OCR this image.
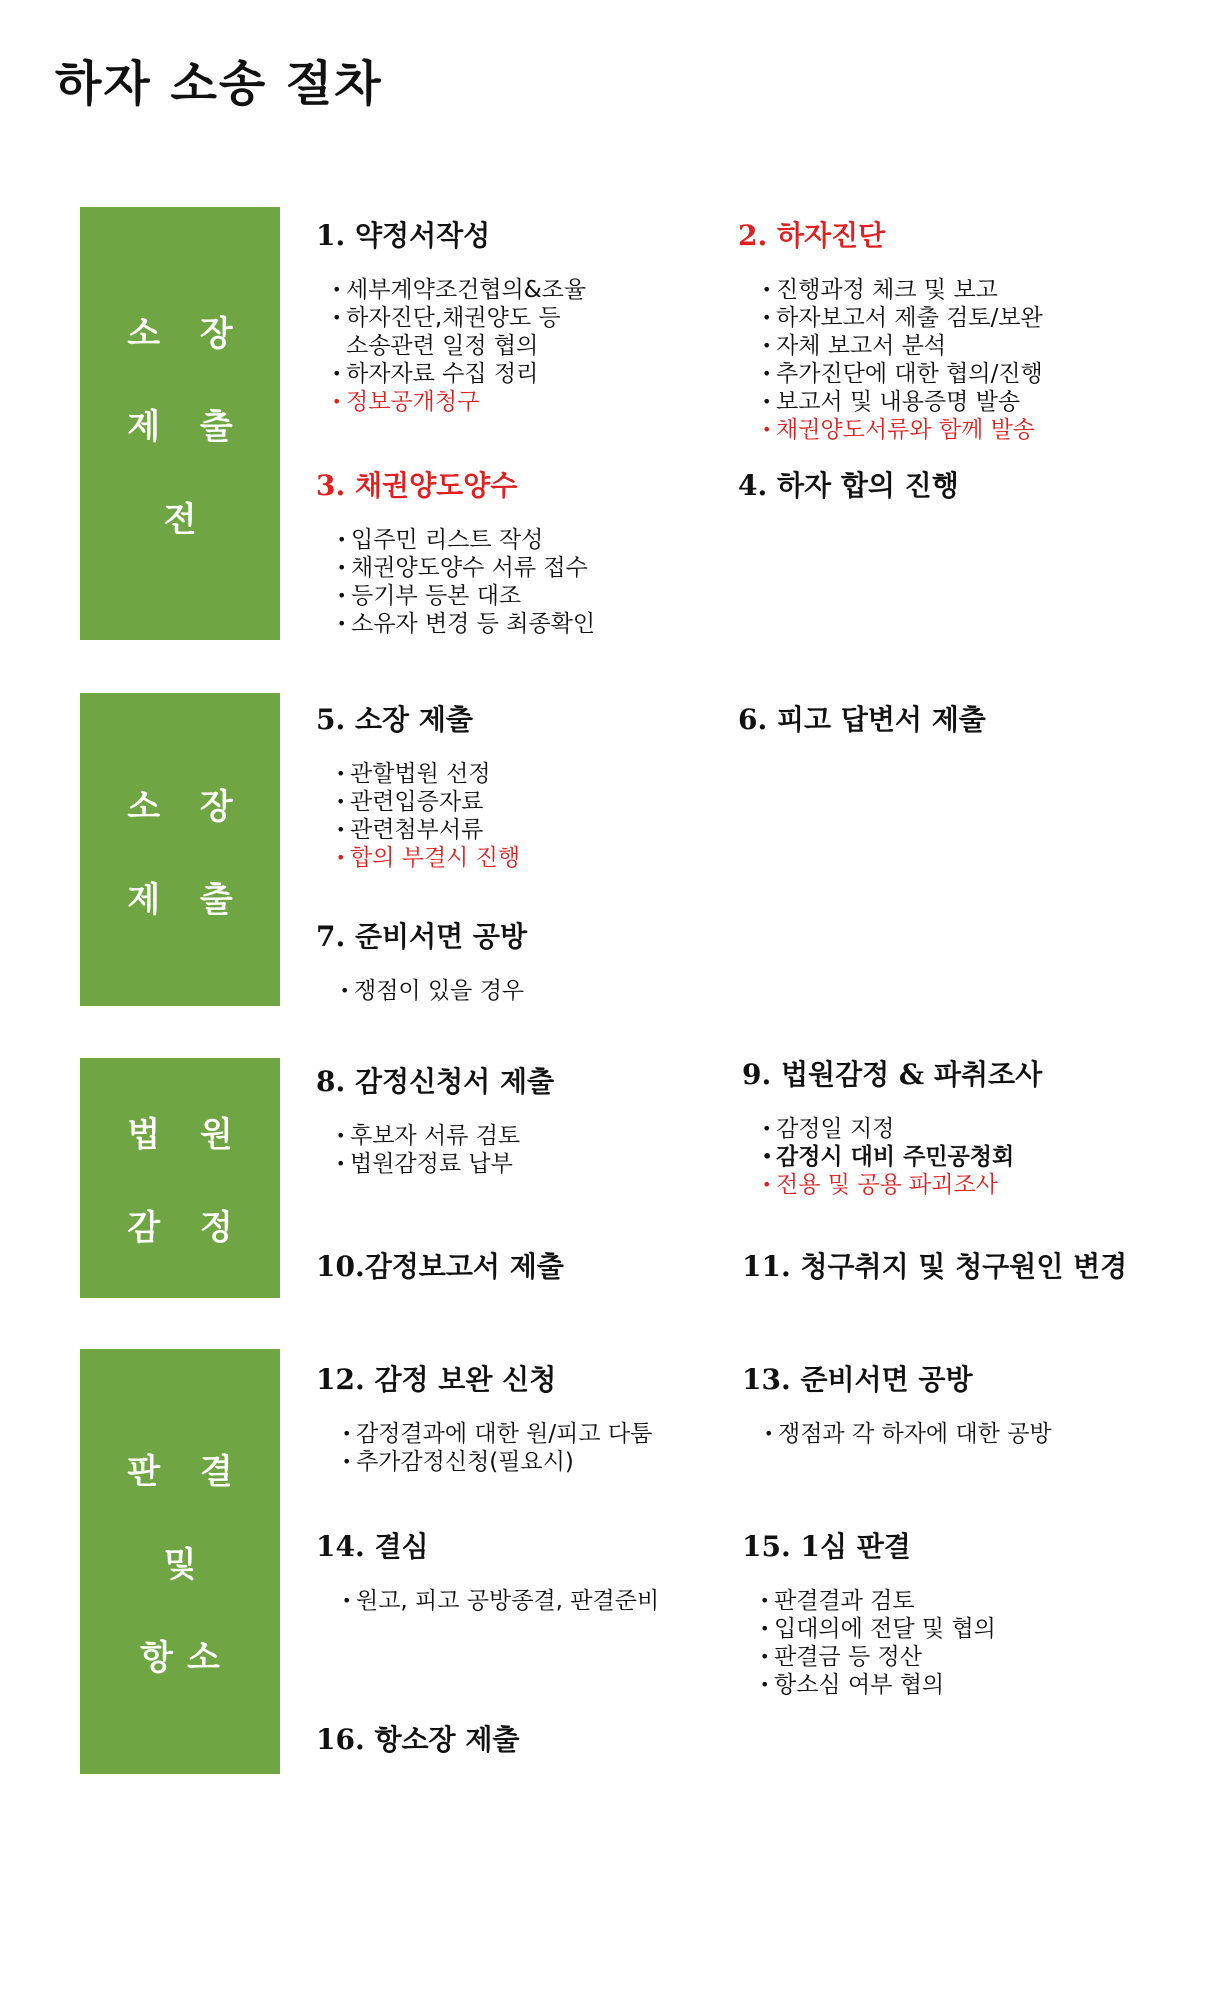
하자 소송 절차
소 장
제 출
전
소 장
제 출
법 원
감 정
판 결
및
항소
1. 약정서작성
• 세부계약조건협의&조율
• 하자진단,채권양도 등
소송관련 일정 협의
• 하자자료 수집 정리
• 정보공개청구
2. 하자진단
• 진행과정 체크 및 보고
• 하자보고서 제출 검토/보완
• 자체 보고서 분석
• 추가진단에 대한 협의/진행
• 보고서 및 내용증명 발송
• 채권양도서류와 함께 발송
3. 채권양도양수
• 입주민 리스트 작성
• 채권양도양수 서류 접수
• 등기부 등본 대조
• 소유자 변경 등 최종확인
4. 하자 합의 진행
5. 소장 제출
• 관할법원 선정
• 관련입증자료
• 관련첨부서류
• 합의 부결시 진행
6. 피고 답변서 제출
7. 준비서면 공방
• 쟁점이 있을 경우
8. 감정신청서 제출
• 후보자 서류 검토
• 법원감정료 납부
9. 법원감정 & 파취조사
• 감정일 지정
• 감정시 대비 주민공청회
• 전용 및 공용 파괴조사
10.감정보고서 제출	11. 청구취지 및 청구원인 변경
12. 감정 보완 신청
• 감정결과에 대한 원/피고 다툼
• 추가감정신청(필요시)
13. 준비서면 공방
• 쟁점과 각 하자에 대한 공방
14. 결심
• 원고, 피고 공방종결, 판결준비
15. 1심 판결
• 판결결과 검토
• 입대의에 전달 및 협의
• 판결금 등 정산
• 항소심 여부 협의
16. 항소장 제출
